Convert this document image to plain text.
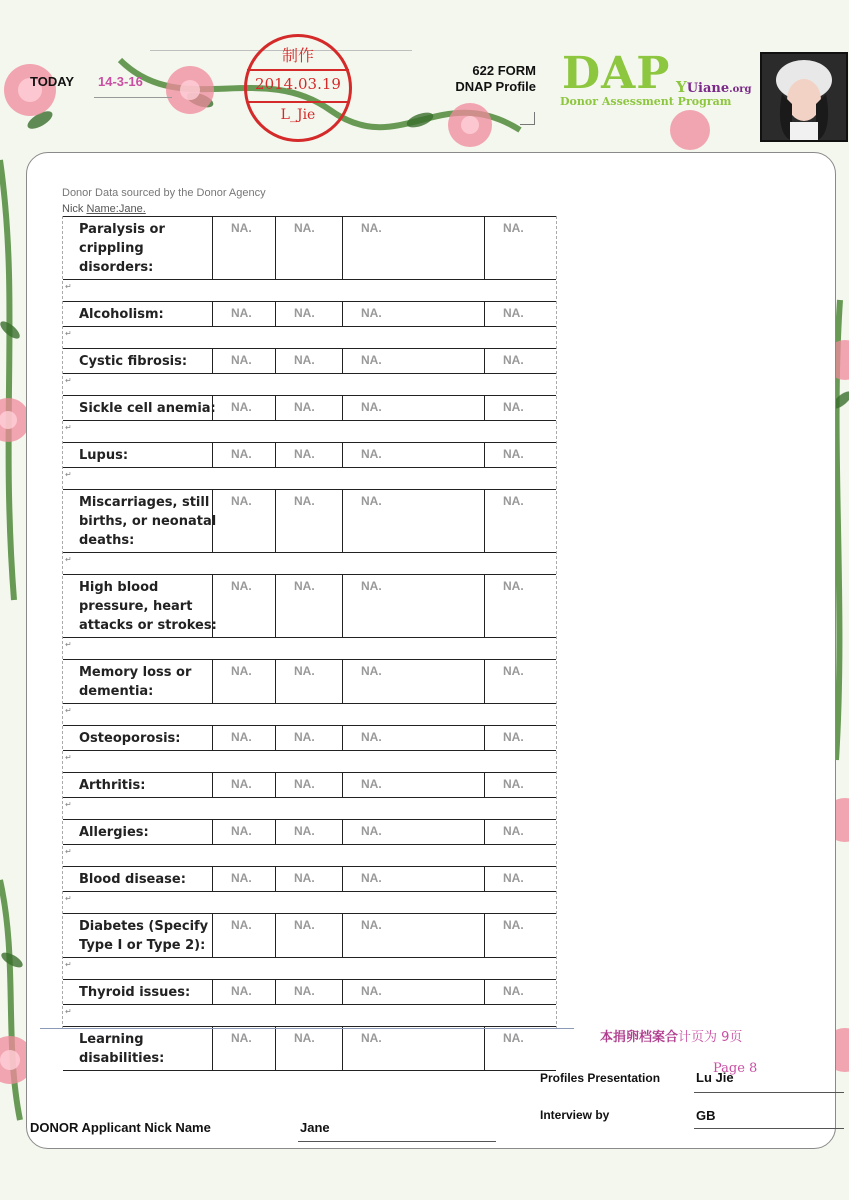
TODAY 14-3-16
制作
2014.03.19
L_Jie
622 FORM
DNAP Profile DAP YUiane.org
Donor Assessment Program
Donor Data sourced by the Donor Agency
Nick Name:Jane.
Paralysis or
crippling
disorders:
NA.	NA.	NA.	NA.
↵
Alcoholism:	NA.	NA.	NA.	NA.
↵
Cystic fibrosis:	NA.	NA.	NA.	NA.
↵
Sickle cell anemia:	NA.	NA.	NA.	NA.
↵
Lupus:	NA.	NA.	NA.	NA.
↵
Miscarriages, still
births, or neonatal
deaths:
NA.	NA.	NA.	NA.
↵
High blood
pressure, heart
attacks or strokes:
NA.	NA.	NA.	NA.
↵
Memory loss or
dementia:
NA.	NA.	NA.	NA.
↵
Osteoporosis:	NA.	NA.	NA.	NA.
↵
Arthritis:	NA.	NA.	NA.	NA.
↵
Allergies:	NA.	NA.	NA.	NA.
↵
Blood disease:	NA.	NA.	NA.	NA.
↵
Diabetes (Specify
Type I or Type 2):
NA.	NA.	NA.	NA.
↵
Thyroid issues:	NA.	NA.	NA.	NA.
↵
Learning
disabilities:
NA.	NA.	NA.	NA.	本捐卵档案合计页为 9页
Page 8
Profiles Presentation	Lu Jie
Interview by	GB
DONOR Applicant Nick Name	Jane
